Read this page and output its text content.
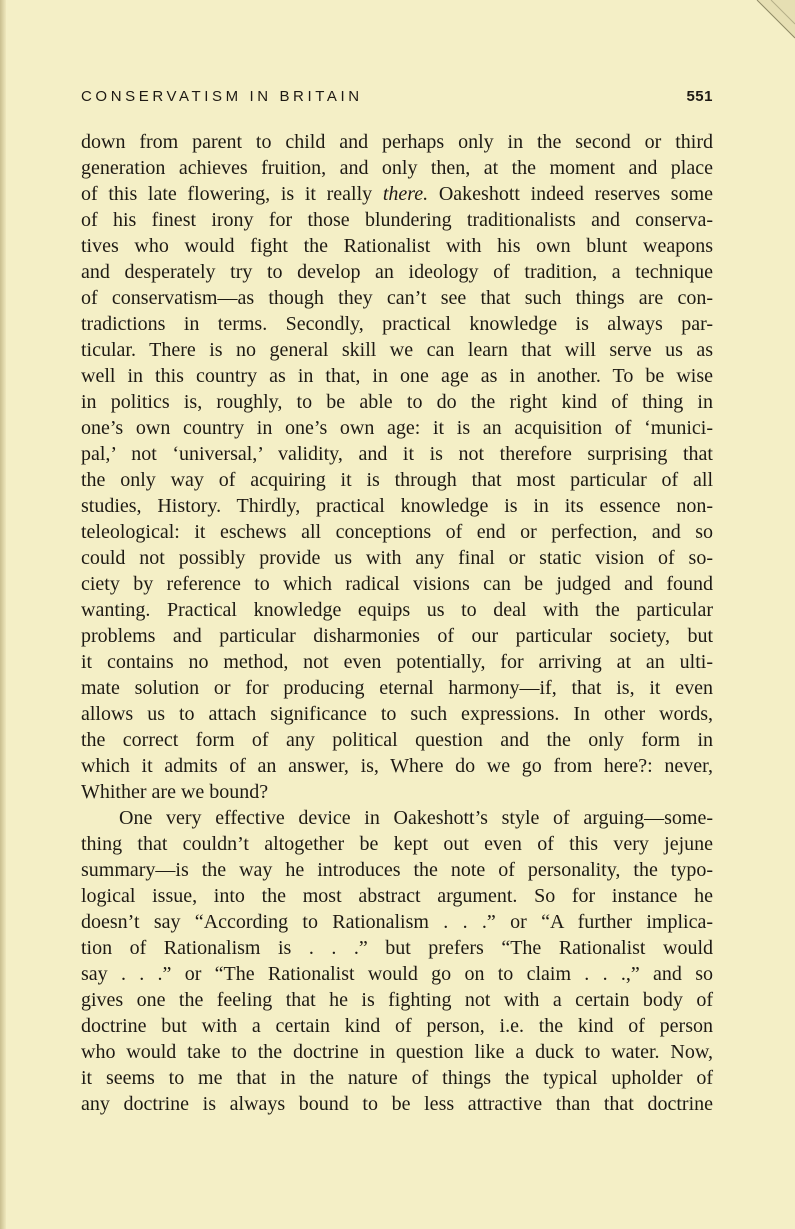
CONSERVATISM IN BRITAIN	551
down from parent to child and perhaps only in the second or third
generation achieves fruition, and only then, at the moment and place
of this late flowering, is it really there. Oakeshott indeed reserves some
of his finest irony for those blundering traditionalists and conserva-
tives who would fight the Rationalist with his own blunt weapons
and desperately try to develop an ideology of tradition, a technique
of conservatism—as though they can’t see that such things are con-
tradictions in terms. Secondly, practical knowledge is always par-
ticular. There is no general skill we can learn that will serve us as
well in this country as in that, in one age as in another. To be wise
in politics is, roughly, to be able to do the right kind of thing in
one’s own country in one’s own age: it is an acquisition of ‘munici-
pal,’ not ‘universal,’ validity, and it is not therefore surprising that
the only way of acquiring it is through that most particular of all
studies, History. Thirdly, practical knowledge is in its essence non-
teleological: it eschews all conceptions of end or perfection, and so
could not possibly provide us with any final or static vision of so-
ciety by reference to which radical visions can be judged and found
wanting. Practical knowledge equips us to deal with the particular
problems and particular disharmonies of our particular society, but
it contains no method, not even potentially, for arriving at an ulti-
mate solution or for producing eternal harmony—if, that is, it even
allows us to attach significance to such expressions. In other words,
the correct form of any political question and the only form in
which it admits of an answer, is, Where do we go from here?: never,
Whither are we bound?
One very effective device in Oakeshott’s style of arguing—some-
thing that couldn’t altogether be kept out even of this very jejune
summary—is the way he introduces the note of personality, the typo-
logical issue, into the most abstract argument. So for instance he
doesn’t say “According to Rationalism . . .” or “A further implica-
tion of Rationalism is . . .” but prefers “The Rationalist would
say . . .” or “The Rationalist would go on to claim . . .,” and so
gives one the feeling that he is fighting not with a certain body of
doctrine but with a certain kind of person, i.e. the kind of person
who would take to the doctrine in question like a duck to water. Now,
it seems to me that in the nature of things the typical upholder of
any doctrine is always bound to be less attractive than that doctrine
